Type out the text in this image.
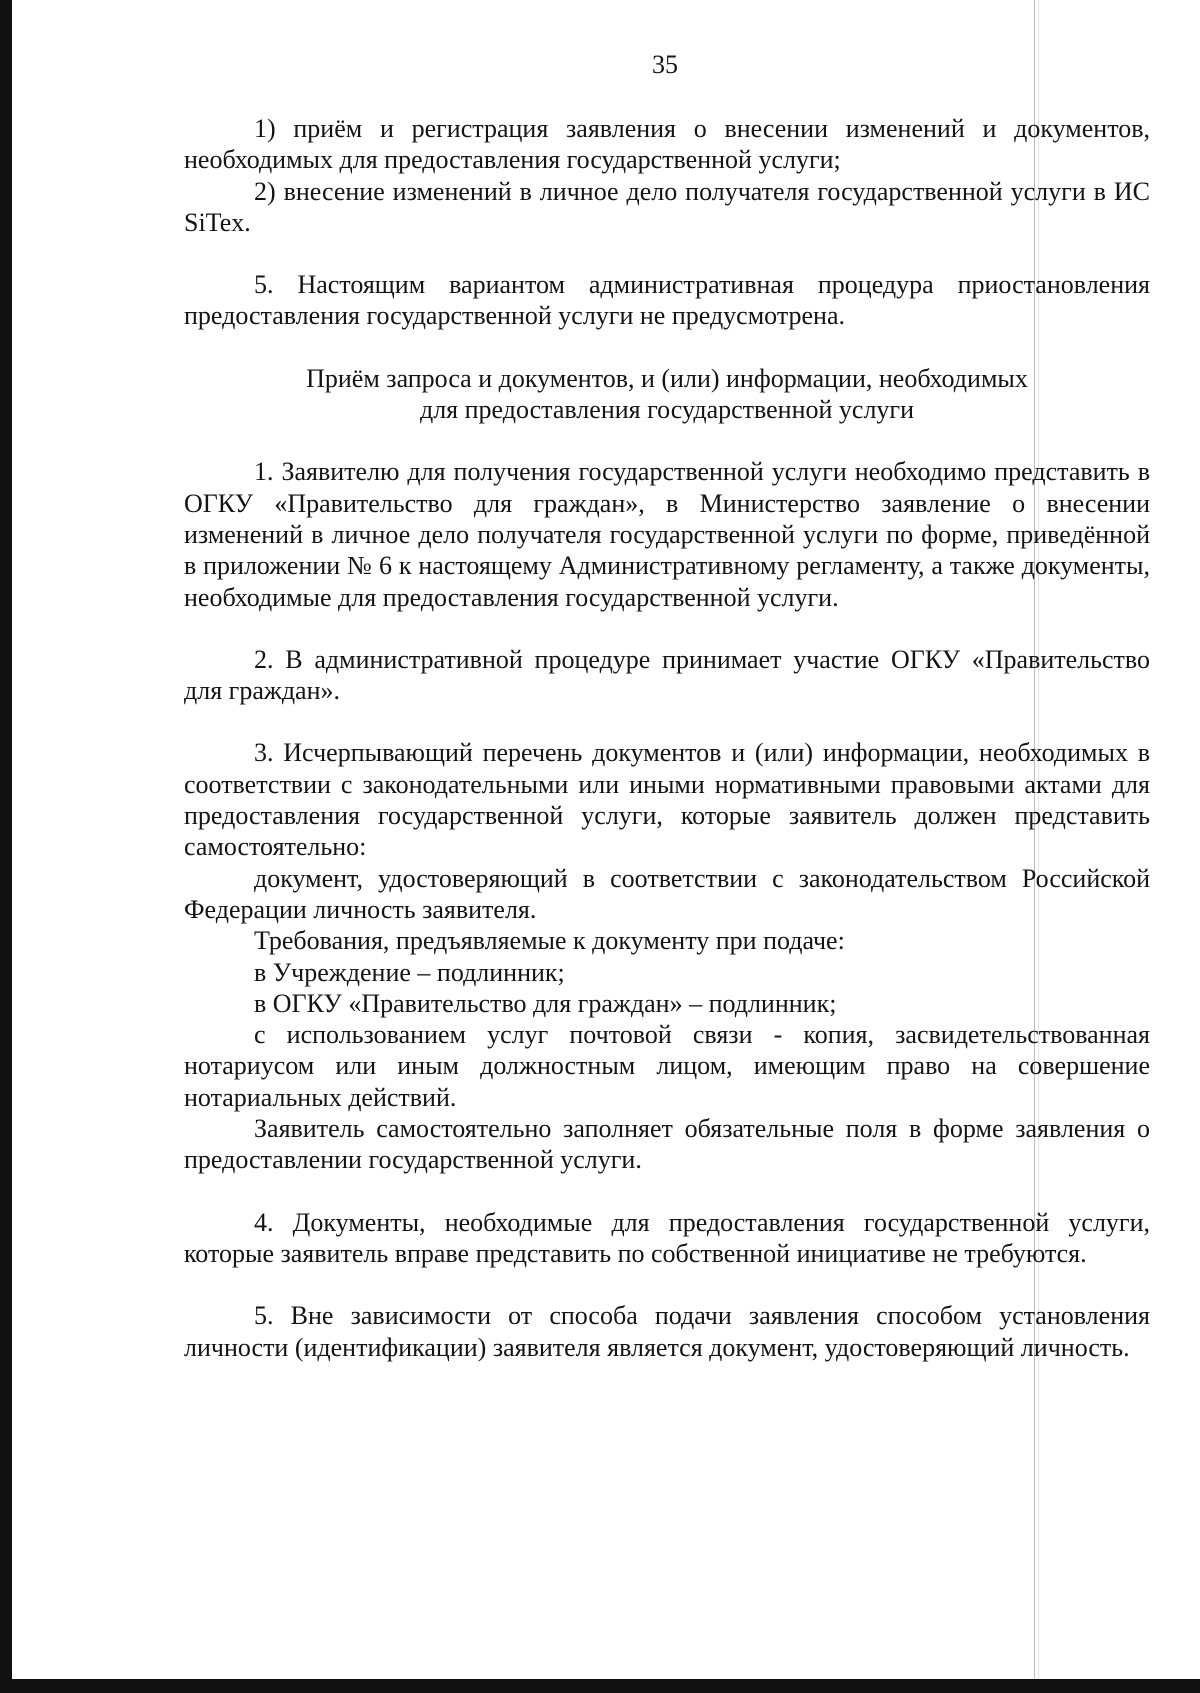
35

1) приём и регистрация заявления о внесении изменений и документов, необходимых для предоставления государственной услуги;

2) внесение изменений в личное дело получателя государственной услуги в ИС SiTex.

5. Настоящим вариантом административная процедура приостановления предоставления государственной услуги не предусмотрена.

Приём запроса и документов, и (или) информации, необходимых
для предоставления государственной услуги

1. Заявителю для получения государственной услуги необходимо представить в ОГКУ «Правительство для граждан», в Министерство заявление о внесении изменений в личное дело получателя государственной услуги по форме, приведённой в приложении № 6 к настоящему Административному регламенту, а также документы, необходимые для предоставления государственной услуги.

2. В административной процедуре принимает участие ОГКУ «Правительство для граждан».

3. Исчерпывающий перечень документов и (или) информации, необходимых в соответствии с законодательными или иными нормативными правовыми актами для предоставления государственной услуги, которые заявитель должен представить самостоятельно:

документ, удостоверяющий в соответствии с законодательством Российской Федерации личность заявителя.

Требования, предъявляемые к документу при подаче:

в Учреждение – подлинник;

в ОГКУ «Правительство для граждан» – подлинник;

с использованием услуг почтовой связи - копия, засвидетельствованная нотариусом или иным должностным лицом, имеющим право на совершение нотариальных действий.

Заявитель самостоятельно заполняет обязательные поля в форме заявления о предоставлении государственной услуги.

4. Документы, необходимые для предоставления государственной услуги, которые заявитель вправе представить по собственной инициативе не требуются.

5. Вне зависимости от способа подачи заявления способом установления личности (идентификации) заявителя является документ, удостоверяющий личность.
